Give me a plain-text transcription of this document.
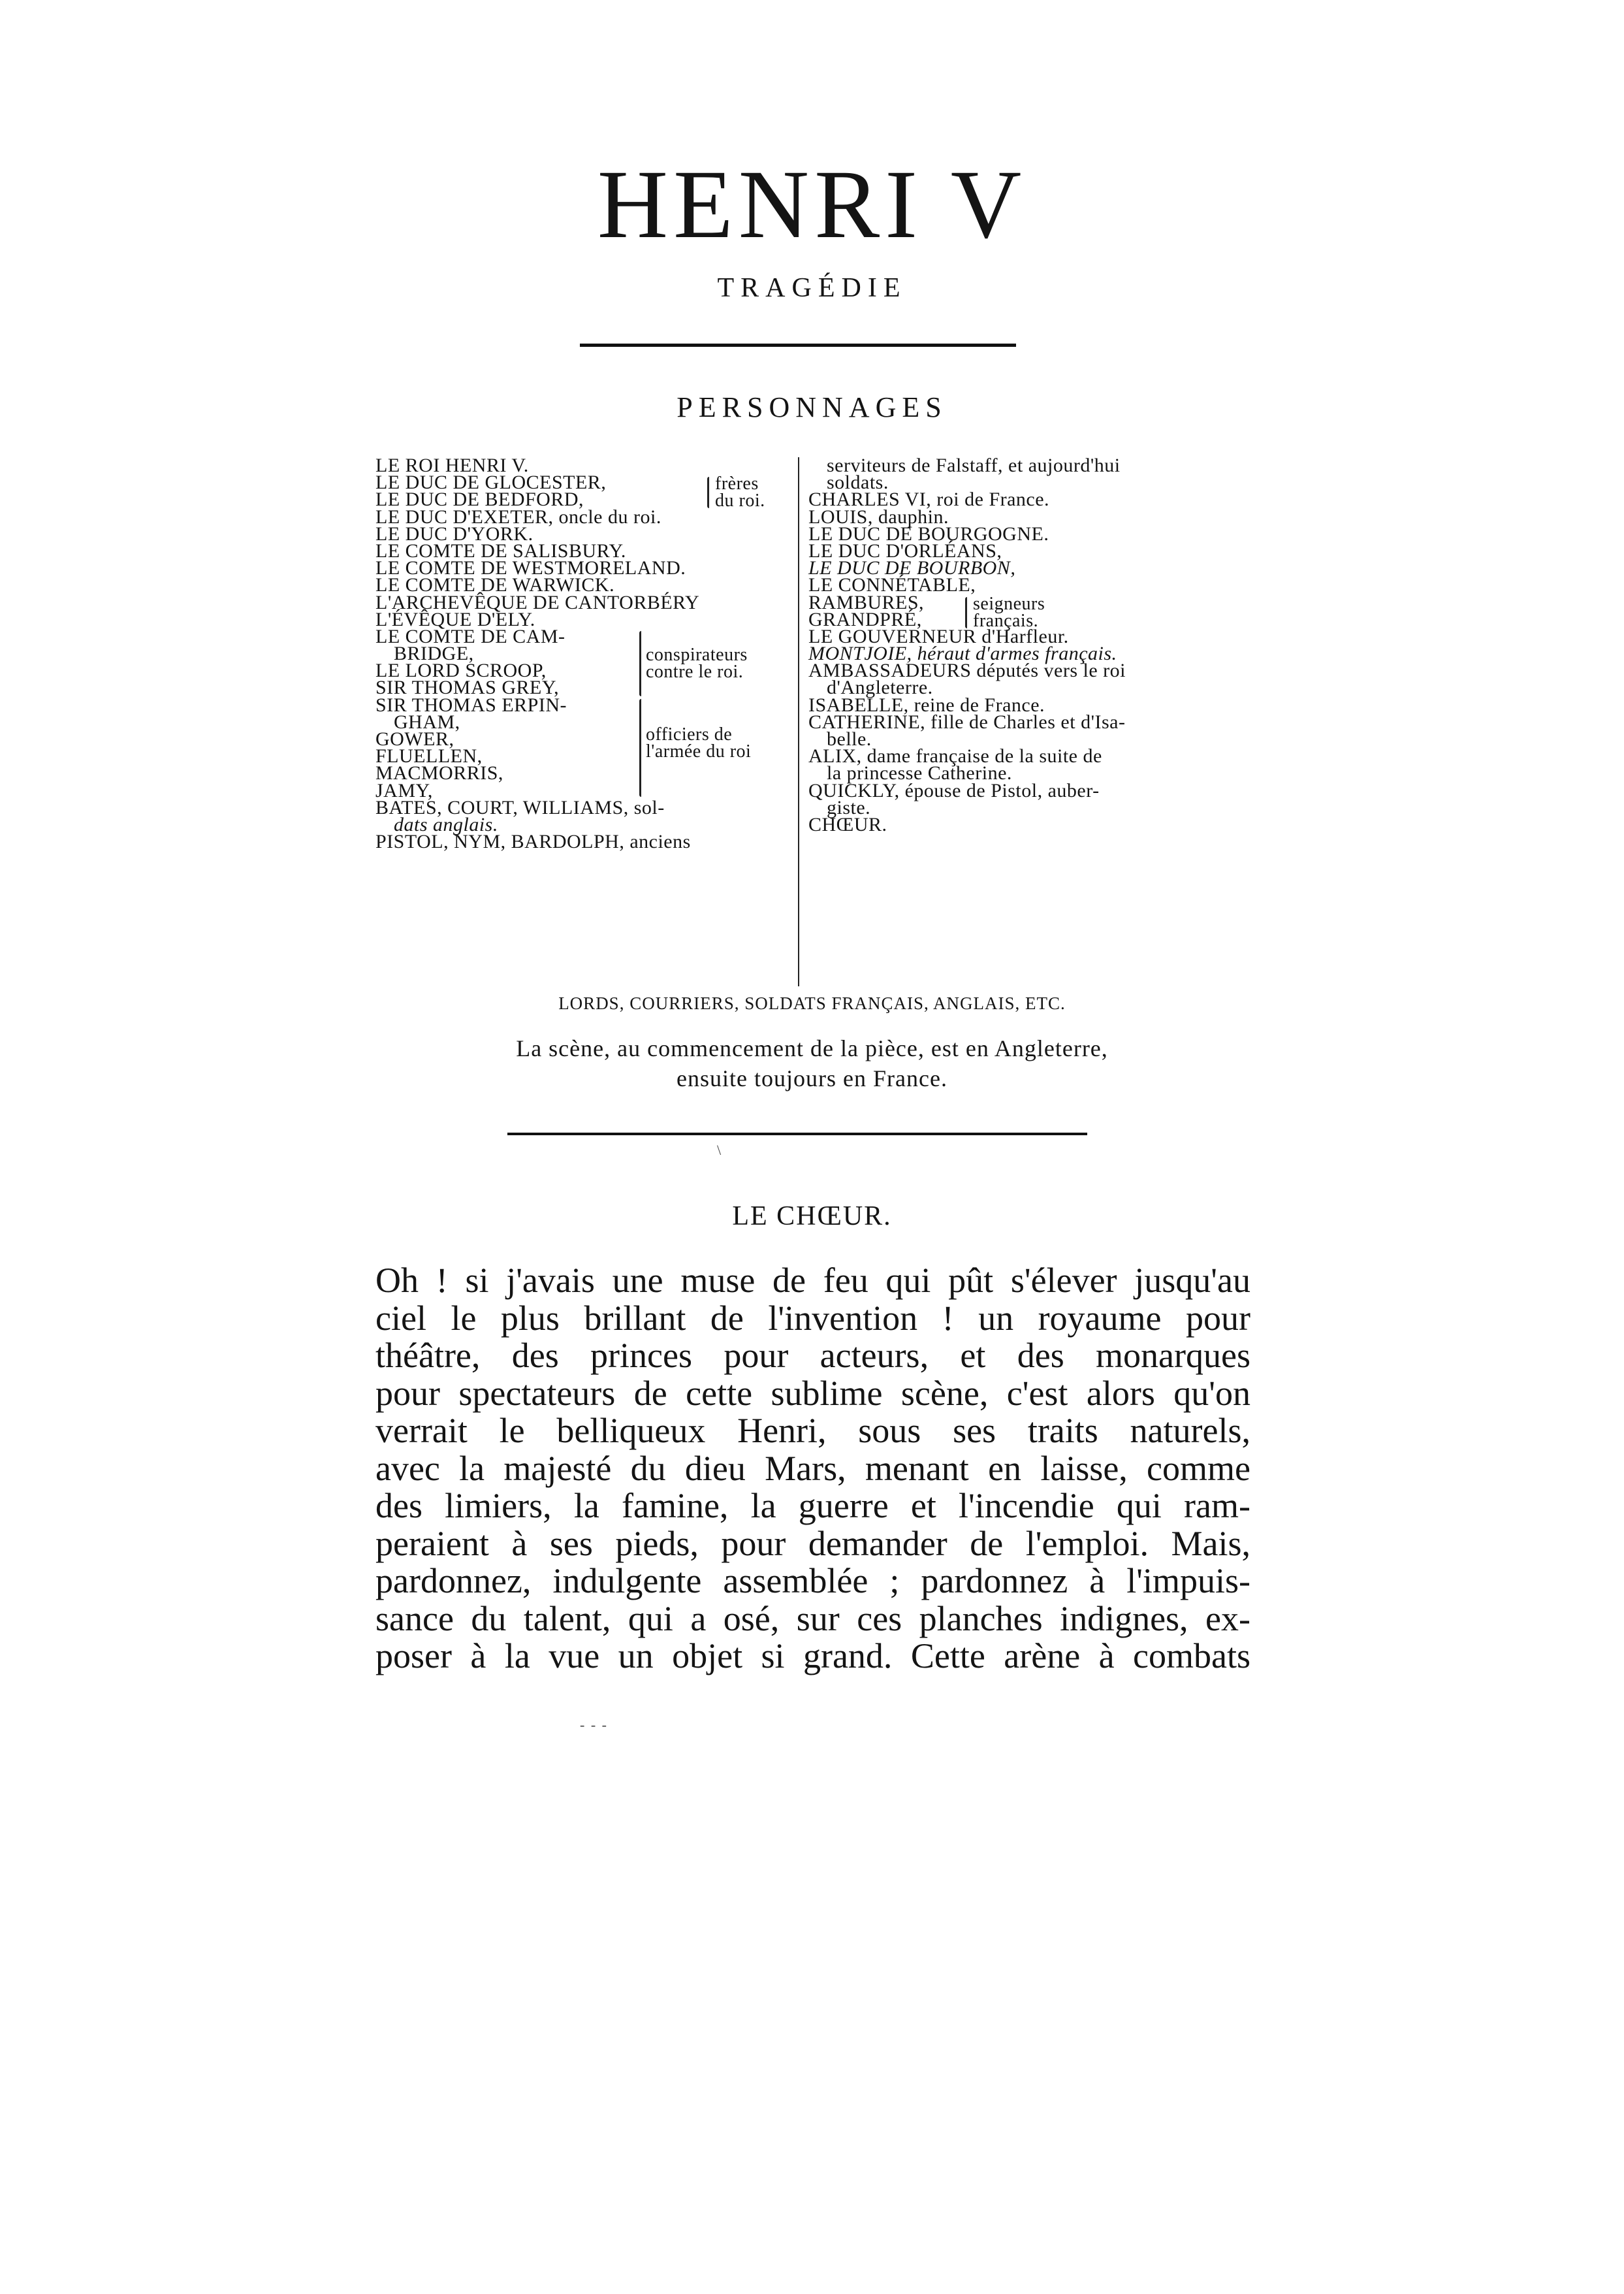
HENRI V
TRAGÉDIE
PERSONNAGES
LE ROI HENRI V.
LE DUC DE GLOCESTER,
LE DUC DE BEDFORD,
LE DUC D'EXETER, oncle du roi.
LE DUC D'YORK.
LE COMTE DE SALISBURY.
LE COMTE DE WESTMORELAND.
LE COMTE DE WARWICK.
L'ARCHEVÊQUE DE CANTORBÉRY
L'ÉVÊQUE D'ELY.
LE COMTE DE CAM-
BRIDGE,
LE LORD SCROOP,
SIR THOMAS GREY,
SIR THOMAS ERPIN-
GHAM,
GOWER,
FLUELLEN,
MACMORRIS,
JAMY,
BATES, COURT, WILLIAMS, sol-
dats anglais.
PISTOL, NYM, BARDOLPH, anciens
frères
du roi.
conspirateurs
contre le roi.
officiers de
l'armée du roi
serviteurs de Falstaff, et aujourd'hui
soldats.
CHARLES VI, roi de France.
LOUIS, dauphin.
LE DUC DE BOURGOGNE.
LE DUC D'ORLÉANS,
LE DUC DE BOURBON,
LE CONNÉTABLE,
RAMBURES,
GRANDPRÉ,
LE GOUVERNEUR d'Harfleur.
MONTJOIE, héraut d'armes français.
AMBASSADEURS députés vers le roi
d'Angleterre.
ISABELLE, reine de France.
CATHERINE, fille de Charles et d'Isa-
belle.
ALIX, dame française de la suite de
la princesse Catherine.
QUICKLY, épouse de Pistol, auber-
giste.
CHŒUR.
seigneurs
français.
LORDS, COURRIERS, SOLDATS FRANÇAIS, ANGLAIS, ETC.
La scène, au commencement de la pièce, est en Angleterre,
ensuite toujours en France.
\
LE CHŒUR.
Oh ! si j'avais une muse de feu qui pût s'élever jusqu'au
ciel le plus brillant de l'invention ! un royaume pour
théâtre, des princes pour acteurs, et des monarques
pour spectateurs de cette sublime scène, c'est alors qu'on
verrait le belliqueux Henri, sous ses traits naturels,
avec la majesté du dieu Mars, menant en laisse, comme
des limiers, la famine, la guerre et l'incendie qui ram-
peraient à ses pieds, pour demander de l'emploi. Mais,
pardonnez, indulgente assemblée ; pardonnez à l'impuis-
sance du talent, qui a osé, sur ces planches indignes, ex-
poser à la vue un objet si grand. Cette arène à combats
- - -
